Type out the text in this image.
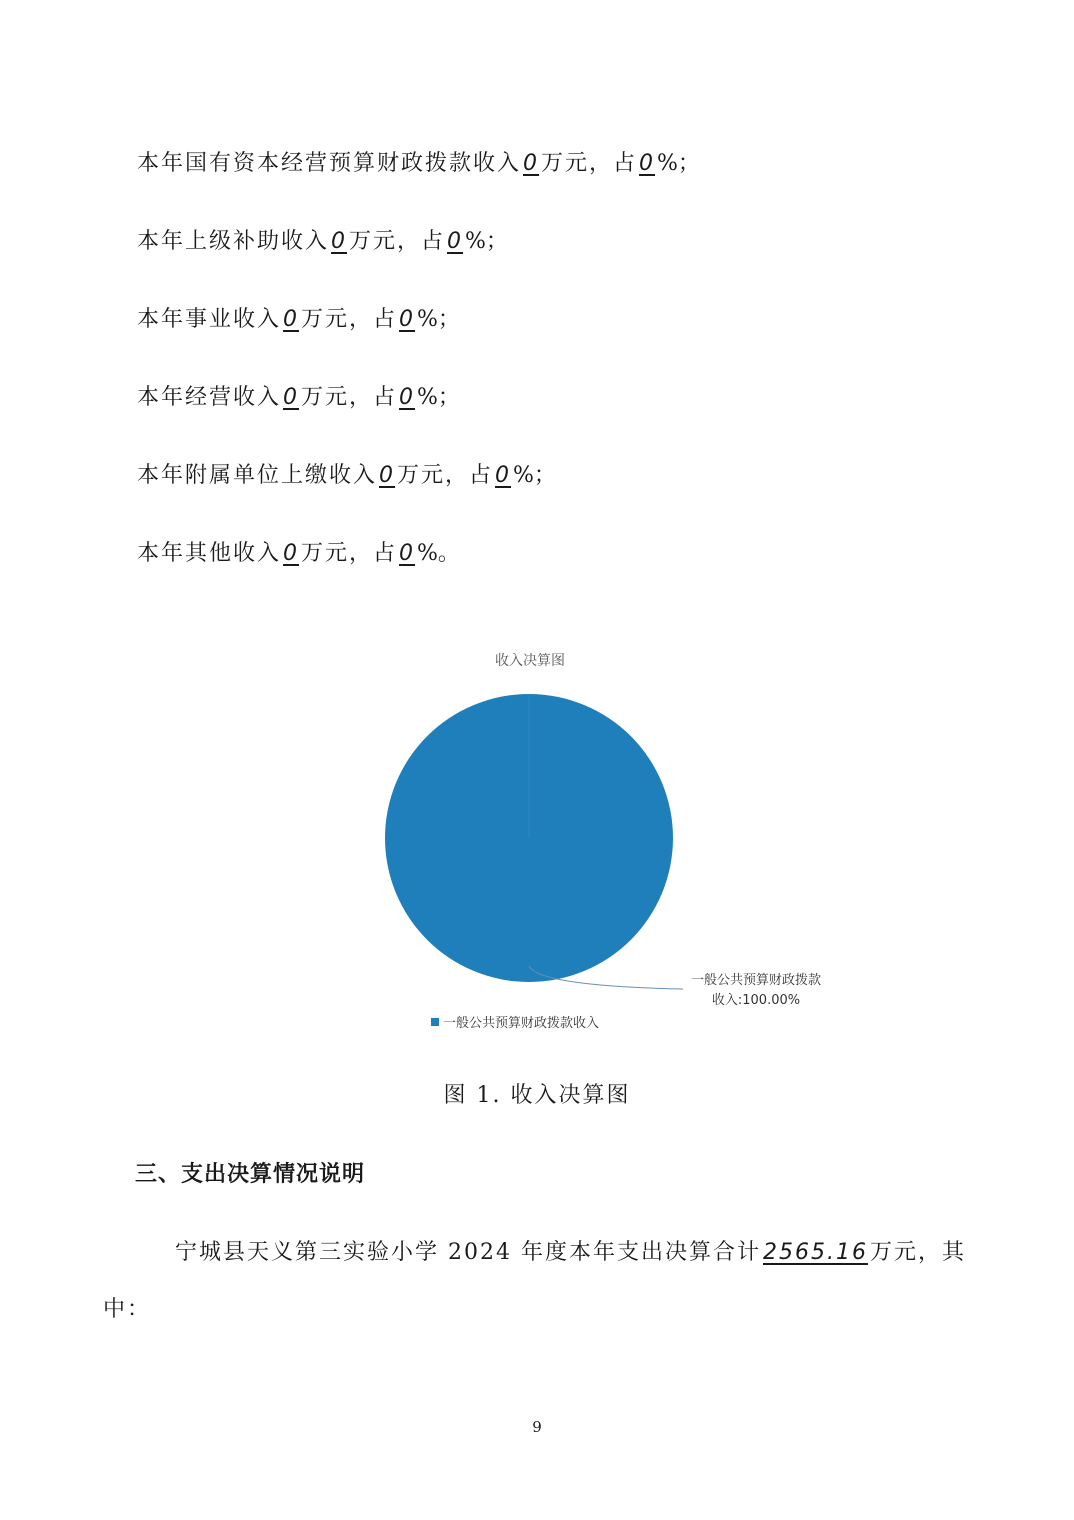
本年国有资本经营预算财政拨款收入0万元，占0%；
本年上级补助收入0万元，占0%；
本年事业收入0万元，占0%；
本年经营收入0万元，占0%；
本年附属单位上缴收入0万元，占0%；
本年其他收入0万元，占0%。
收入决算图
一般公共预算财政拨款
收入:100.00%
一般公共预算财政拨款收入
图 1. 收入决算图
三、支出决算情况说明
宁城县天义第三实验小学 2024 年度本年支出决算合计2565.16万元，其
中：
9
